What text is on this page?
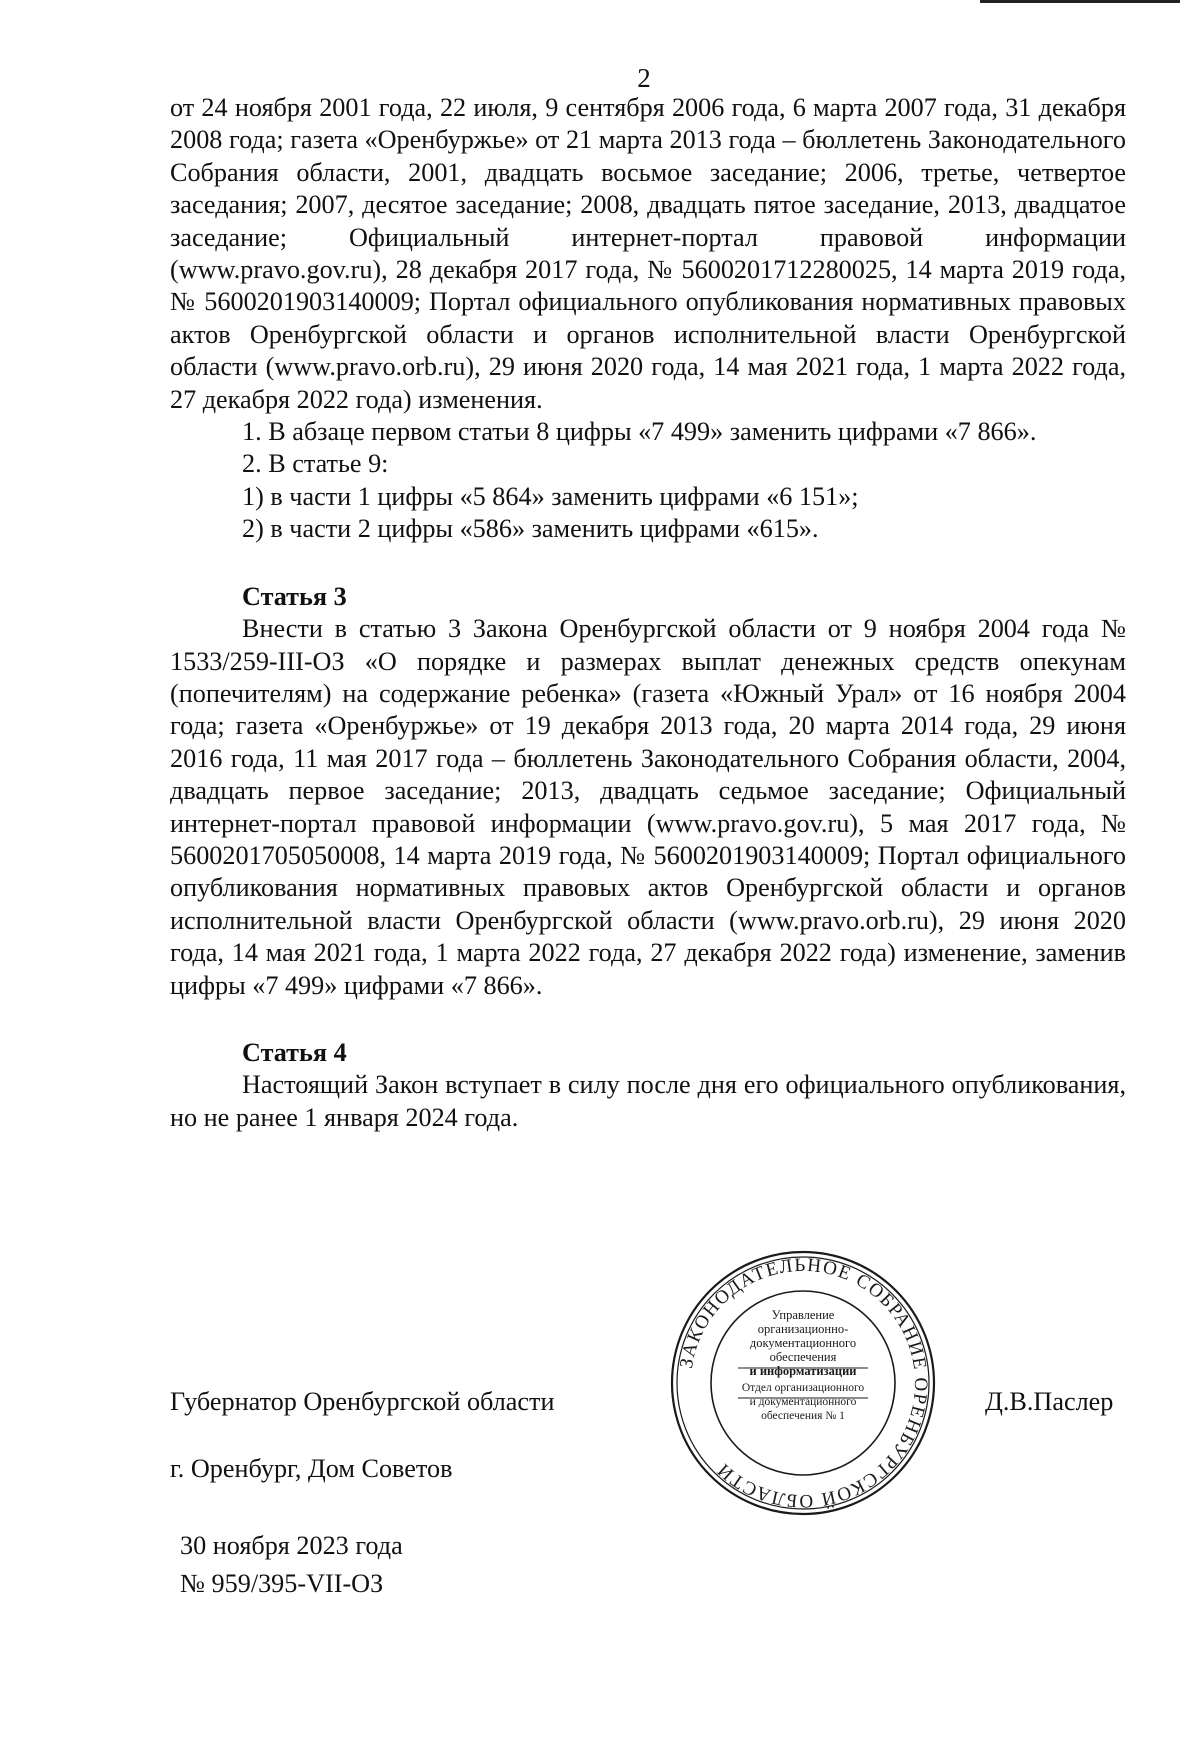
2

от 24 ноября 2001 года, 22 июля, 9 сентября 2006 года, 6 марта 2007 года, 31 декабря 2008 года; газета «Оренбуржье» от 21 марта 2013 года – бюллетень Законодательного Собрания области, 2001, двадцать восьмое заседание; 2006, третье, четвертое заседания; 2007, десятое заседание; 2008, двадцать пятое заседание, 2013, двадцатое заседание; Официальный интернет-портал правовой информации (www.pravo.gov.ru), 28 декабря 2017 года, № 5600201712280025, 14 марта 2019 года, № 5600201903140009; Портал официального опубликования нормативных правовых актов Оренбургской области и органов исполнительной власти Оренбургской области (www.pravo.orb.ru), 29 июня 2020 года, 14 мая 2021 года, 1 марта 2022 года, 27 декабря 2022 года) изменения.

1. В абзаце первом статьи 8 цифры «7 499» заменить цифрами «7 866».

2. В статье 9:

1) в части 1 цифры «5 864» заменить цифрами «6 151»;

2) в части 2 цифры «586» заменить цифрами «615».

Статья 3

Внести в статью 3 Закона Оренбургской области от 9 ноября 2004 года № 1533/259-III-ОЗ «О порядке и размерах выплат денежных средств опекунам (попечителям) на содержание ребенка» (газета «Южный Урал» от 16 ноября 2004 года; газета «Оренбуржье» от 19 декабря 2013 года, 20 марта 2014 года, 29 июня 2016 года, 11 мая 2017 года – бюллетень Законодательного Собрания области, 2004, двадцать первое заседание; 2013, двадцать седьмое заседание; Официальный интернет-портал правовой информации (www.pravo.gov.ru), 5 мая 2017 года, № 5600201705050008, 14 марта 2019 года, № 5600201903140009; Портал официального опубликования нормативных правовых актов Оренбургской области и органов исполнительной власти Оренбургской области (www.pravo.orb.ru), 29 июня 2020 года, 14 мая 2021 года, 1 марта 2022 года, 27 декабря 2022 года) изменение, заменив цифры «7 499» цифрами «7 866».

Статья 4

Настоящий Закон вступает в силу после дня его официального опубликования, но не ранее 1 января 2024 года.

Губернатор Оренбургской области	Д.В.Паслер
г. Оренбург, Дом Советов
30 ноября 2023 года
№ 959/395-VII-ОЗ
ЗАКОНОДАТЕЛЬНОЕ СОБРАНИЕ ОРЕНБУРГСКОЙ ОБЛАСТИ
Управление
организационно-
документационного
обеспечения
и информатизации
Отдел организационного
и документационного
обеспечения № 1
